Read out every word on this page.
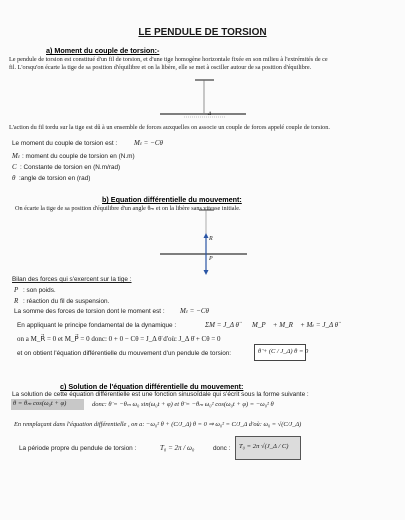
LE PENDULE DE TORSION
a) Moment du couple de torsion:-
Le pendule de torsion est constitué d'un fil de torsion, et d'une tige homogène horizontale fixée en son milieu à l'extrémités de ce
fil. L'orsqu'on écarte la tige de sa position d'équilibre et on la libère, elle se met à osciller autour de sa position d'équilibre.
Δ
L'action du fil tordu sur la tige est dû à un ensemble de forces auxquelles on associe un couple de forces appelé couple de torsion.
Le moment du couple de torsion est : Mₜ = −Cθ
Mₜ : moment du couple de torsion en (N.m)
C : Constante de torsion en (N.m/rad)
θ :angle de torsion en (rad)
b) Equation différentielle du mouvement:
On écarte la tige de sa position d'équilibre d'un angle θₘ et on la libère sans vitesse initiale.
R⃗
P⃗
Bilan des forces qui s'exercent sur la tige :
P⃗ : son poids.
R⃗ : réaction du fil de suspension.
La somme des forces de torsion dont le moment est : Mₜ = −Cθ
En appliquant le principe fondamental de la dynamique :	ΣM = J_Δ θ̈ M_P⃗ + M_R⃗ + Mₜ = J_Δ θ̈
on a M_R⃗ = 0 et M_P⃗ = 0 donc: 0 + 0 − Cθ = J_Δ θ̈ d'où: J_Δ θ̈ + Cθ = 0
et on obtient l'équation différentielle du mouvement d'un pendule de torsion:	θ̈ + (C / J_Δ) θ = 0
c) Solution de l'équation différentielle du mouvement:
La solution de cette équation différentielle est une fonction sinusoïdale qui s'écrit sous la forme suivante :
θ = θₘ cos(ω₀t + φ)	donc: θ̇ = −θₘ ω₀ sin(ω₀t + φ) et θ̈ = −θₘ ω₀² cos(ω₀t + φ) = −ω₀² θ
En remplaçant dans l'équation différentielle , on a: −ω₀² θ + (C/J_Δ) θ = 0 ⇒ ω₀² = C/J_Δ d'où: ω₀ = √(C/J_Δ)
La période propre du pendule de torsion :	T₀ = 2π / ω₀	donc : T₀ = 2π √(J_Δ / C)
